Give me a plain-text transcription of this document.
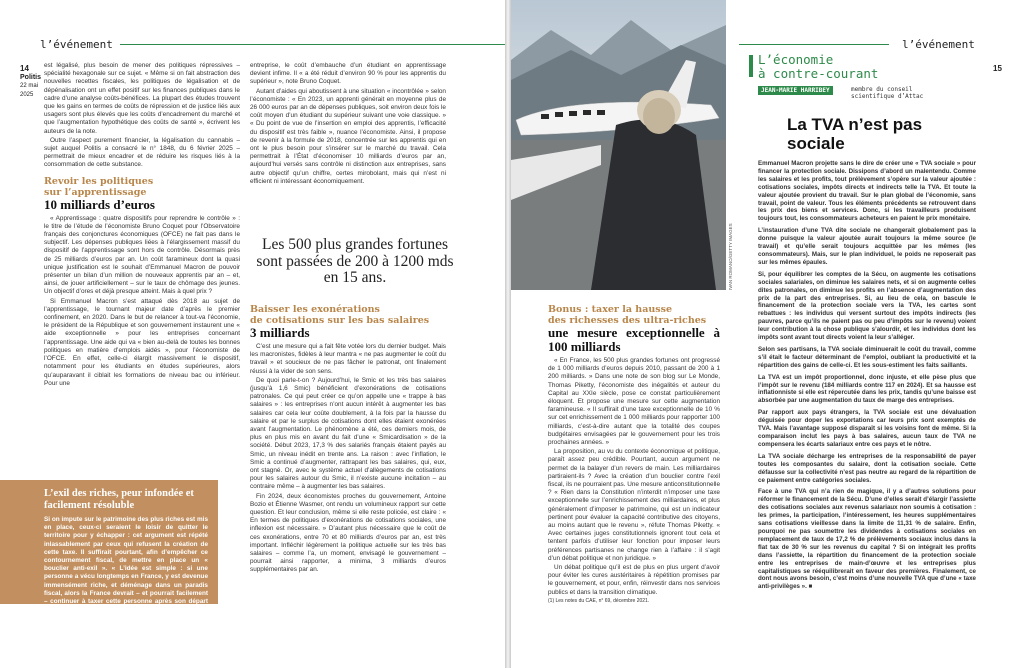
l’événement
14
Politis
22 mai 2025

est légalisé, plus besoin de mener des politiques répressives – spécialité hexagonale sur ce sujet. « Même si on fait abstraction des nouvelles recettes fiscales, les politiques de légalisation et de dépénalisation ont un effet positif sur les finances publiques dans le cadre d’une analyse coûts-bénéfices. La plupart des études trouvent que les gains en termes de coûts de répression et de justice liés aux usagers sont plus élevés que les coûts d’encadrement du marché et que l’augmentation hypothétique des coûts de santé », écrivent les auteurs de la note.

Outre l’aspect purement financier, la légalisation du cannabis – sujet auquel Politis a consacré le n° 1848, du 6 février 2025 – permettrait de mieux encadrer et de réduire les risques liés à la consommation de cette substance.

Revoir les politiques
sur l’apprentissage
10 milliards d’euros

« Apprentissage : quatre dispositifs pour reprendre le contrôle » : le titre de l’étude de l’économiste Bruno Coquet pour l’Observatoire français des conjonctures économiques (OFCE) ne fait pas dans le subjectif. Les dépenses publiques liées à l’élargissement massif du dispositif de l’apprentissage sont hors de contrôle. Désormais près de 25 milliards d’euros par an. Un coût faramineux dont la quasi unique justification est le souhait d’Emmanuel Macron de pouvoir présenter un bilan d’un million de nouveaux apprentis par an – et, ainsi, de jouer artificiellement – sur le taux de chômage des jeunes. Un objectif d’ores et déjà presque atteint. Mais à quel prix ?

Si Emmanuel Macron s’est attaqué dès 2018 au sujet de l’apprentissage, le tournant majeur date d’après le premier confinement, en 2020. Dans le but de relancer à tout-va l’économie, le président de la République et son gouvernement instaurent une « aide exceptionnelle » pour les entreprises concernant l’apprentissage. Une aide qui va « bien au-delà de toutes les bonnes politiques en matière d’emplois aidés », pour l’économiste de l’OFCE. En effet, celle-ci élargit massivement le dispositif, notamment pour les étudiants en études supérieures, alors qu’auparavant il ciblait les formations de niveau bac ou inférieur. Pour une

L’exil des riches, peur infondée et facilement résoluble

Si on impute sur le patrimoine des plus riches est mis en place, ceux-ci seraient le loisir de quitter le territoire pour y échapper : cet argument est répété inlassablement par ceux qui refusent la création de cette taxe. Il suffirait pourtant, afin d’empêcher ce contournement fiscal, de mettre en place un « bouclier anti-exil ». « L’idée est simple : si une personne a vécu longtemps en France, y est devenue immensément riche, et déménage dans un paradis fiscal, alors la France devrait – et pourrait facilement – continuer à taxer cette personne après son départ », expliquent les économistes Gabriel Zucman. Loin d’être saugrenue, cette idée est déjà mise en pratique par les États-Unis, par exemple.

entreprise, le coût d’embauche d’un étudiant en apprentissage devient infime. Il « a été réduit d’environ 90 % pour les apprentis du supérieur », note Bruno Coquet.

Autant d’aides qui aboutissent à une situation « incontrôlée » selon l’économiste : « En 2023, un apprenti générait en moyenne plus de 26 000 euros par an de dépenses publiques, soit environ deux fois le coût moyen d’un étudiant du supérieur suivant une voie classique. » « Du point de vue de l’insertion en emploi des apprentis, l’efficacité du dispositif est très faible », nuance l’économiste. Ainsi, il propose de revenir à la formule de 2018, concentrée sur les apprentis qui en ont le plus besoin pour s’insérer sur le marché du travail. Cela permettrait à l’État d’économiser 10 milliards d’euros par an, aujourd’hui versés sans contrôle ni distinction aux entreprises, sans autre objectif qu’un chiffre, certes mirobolant, mais qui n’est ni efficient ni intéressant économiquement.

Les 500 plus grandes fortunes sont passées de 200 à 1200 mds en 15 ans.
Baisser les exonérations
de cotisations sur les bas salaires
3 milliards

C’est une mesure qui a fait fête votée lors du dernier budget. Mais les macronistes, fidèles à leur mantra « ne pas augmenter le coût du travail » et soucieux de ne pas fâcher le patronat, ont finalement réussi à la vider de son sens.

De quoi parle-t-on ? Aujourd’hui, le Smic et les très bas salaires (jusqu’à 1,6 Smic) bénéficient d’exonérations de cotisations patronales. Ce qui peut créer ce qu’on appelle une « trappe à bas salaires » : les entreprises n’ont aucun intérêt à augmenter les bas salaires car cela leur coûte doublement, à la fois par la hausse du salaire et par le surplus de cotisations dont elles étaient exonérées avant l’augmentation. Le phénomène a été, ces derniers mois, de plus en plus mis en avant du fait d’une « Smicardisation » de la société. Début 2023, 17,3 % des salariés français étaient payés au Smic, un niveau inédit en trente ans. La raison : avec l’inflation, le Smic a continué d’augmenter, rattrapant les bas salaires, qui, eux, ont stagné. Or, avec le système actuel d’allègements de cotisations pour les salaires autour du Smic, il n’existe aucune incitation – au contraire même – à augmenter les bas salaires.

Fin 2024, deux économistes proches du gouvernement, Antoine Bozio et Étienne Wasmer, ont rendu un volumineux rapport sur cette question. Et leur conclusion, même si elle reste policée, est claire : « En termes de politiques d’exonérations de cotisations sociales, une inflexion est nécessaire. » D’autant plus nécessaire que le coût de ces exonérations, entre 70 et 80 milliards d’euros par an, est très important. Infléchir légèrement la politique actuelle sur les très bas salaires – comme l’a, un moment, envisagé le gouvernement – pourrait ainsi rapporter, a minima, 3 milliards d’euros supplémentaires par an.

IVAN ROMANO/GETTY IMAGES
Bonus : taxer la hausse
des richesses des ultra-riches
une mesure exceptionnelle à 100 milliards

« En France, les 500 plus grandes fortunes ont progressé de 1 000 milliards d’euros depuis 2010, passant de 200 à 1 200 milliards. » Dans une note de son blog sur Le Monde, Thomas Piketty, l’économiste des inégalités et auteur du Capital au XXIe siècle, pose ce constat particulièrement éloquent. Et propose une mesure sur cette augmentation faramineuse. « Il suffirait d’une taxe exceptionnelle de 10 % sur cet enrichissement de 1 000 milliards pour rapporter 100 milliards, c’est-à-dire autant que la totalité des coupes budgétaires envisagées par le gouvernement pour les trois prochaines années. »

La proposition, au vu du contexte économique et politique, paraît assez peu crédible. Pourtant, aucun argument ne permet de la balayer d’un revers de main. Les milliardaires partiraient-ils ? Avec la création d’un bouclier contre l’exil fiscal, ils ne pourraient pas. Une mesure anticonstitutionnelle ? « Rien dans la Constitution n’interdit n’imposer une taxe exceptionnelle sur l’enrichissement des milliardaires, et plus généralement d’imposer le patrimoine, qui est un indicateur pertinent pour évaluer la capacité contributive des citoyens, au moins autant que le revenu », réfute Thomas Piketty. « Avec certaines juges constitutionnels ignorent tout cela et tentent parfois d’utiliser leur fonction pour imposer leurs préférences partisanes ne change rien à l’affaire : il s’agit d’un débat politique et non juridique. »

Un débat politique qu’il est de plus en plus urgent d’avoir pour éviter les cures austéritaires à répétition promises par le gouvernement, et pour, enfin, réinvestir dans nos services publics et dans la transition climatique.

(1) Les notes du CAE, n° 69, décembre 2021.

l’événement
15
L’économie
à contre-courant
JEAN-MARIE HARRIBEY	membre du conseil scientifique d’Attac
La TVA n’est pas sociale

Emmanuel Macron projette sans le dire de créer une « TVA sociale » pour financer la protection sociale. Dissipons d’abord un malentendu. Comme les salaires et les profits, tout prélèvement s’opère sur la valeur ajoutée : cotisations sociales, impôts directs et indirects telle la TVA. Et toute la valeur ajoutée provient du travail. Sur le plan global de l’économie, sans travail, point de valeur. Tous les éléments précédents se retrouvent dans les prix des biens et services. Donc, si les travailleurs produisent toujours tout, les consommateurs acheteurs en paient le prix monétaire.

L’instauration d’une TVA dite sociale ne changerait globalement pas la donne puisque la valeur ajoutée aurait toujours la même source (le travail) et qu’elle serait toujours acquittée par les mêmes (les consommateurs). Mais, sur le plan individuel, le poids ne reposerait pas sur les mêmes épaules.

Si, pour équilibrer les comptes de la Sécu, on augmente les cotisations sociales salariales, on diminue les salaires nets, et si on augmente celles dites patronales, on diminue les profits en l’absence d’augmentation des prix de la part des entreprises. Si, au lieu de cela, on bascule le financement de la protection sociale vers la TVA, les cartes sont rebattues : les individus qui versent surtout des impôts indirects (les pauvres, parce qu’ils ne paient pas ou peu d’impôts sur le revenu) voient leur contribution à la chose publique s’alourdir, et les individus dont les impôts sont avant tout directs voient la leur s’alléger.

Selon ses partisans, la TVA sociale diminuerait le coût du travail, comme s’il était le facteur déterminant de l’emploi, oubliant la productivité et la répartition des gains de celle-ci. Et les sous-estiment les faits saillants.

La TVA est un impôt proportionnel, donc injuste, et elle pèse plus que l’impôt sur le revenu (184 milliards contre 117 en 2024). Et sa hausse est inflationniste si elle est répercutée dans les prix, tandis qu’une baisse est absorbée par une augmentation du taux de marge des entreprises.

Par rapport aux pays étrangers, la TVA sociale est une dévaluation déguisée pour doper les exportations car leurs prix sont exemptés de TVA. Mais l’avantage supposé disparaît si les voisins font de même. Si la comparaison inclut les pays à bas salaires, aucun taux de TVA ne compensera les écarts salariaux entre ces pays et le nôtre.

La TVA sociale décharge les entreprises de la responsabilité de payer toutes les composantes du salaire, dont la cotisation sociale. Cette défausse sur la collectivité n’est pas neutre au regard de la répartition de ce paiement entre catégories sociales.

Face à une TVA qui n’a rien de magique, il y a d’autres solutions pour réformer le financement de la Sécu. D’une d’elles serait d’élargir l’assiette des cotisations sociales aux revenus salariaux non soumis à cotisation : les primes, la participation, l’intéressement, les heures supplémentaires sans cotisations vieillesse dans la limite de 11,31 % de salaire. Enfin, pourquoi ne pas soumettre les dividendes à cotisations sociales en remplacement de taux de 17,2 % de prélèvements sociaux inclus dans la flat tax de 30 % sur les revenus du capital ? Si on intégrait les profits dans l’assiette, la répartition du financement de la protection sociale entre les entreprises de main-d’œuvre et les entreprises plus capitalistiques se rééquilibrerait en faveur des premières. Finalement, ce dont nous avons besoin, c’est moins d’une nouvelle TVA que d’une « taxe anti-privilèges ». ■
